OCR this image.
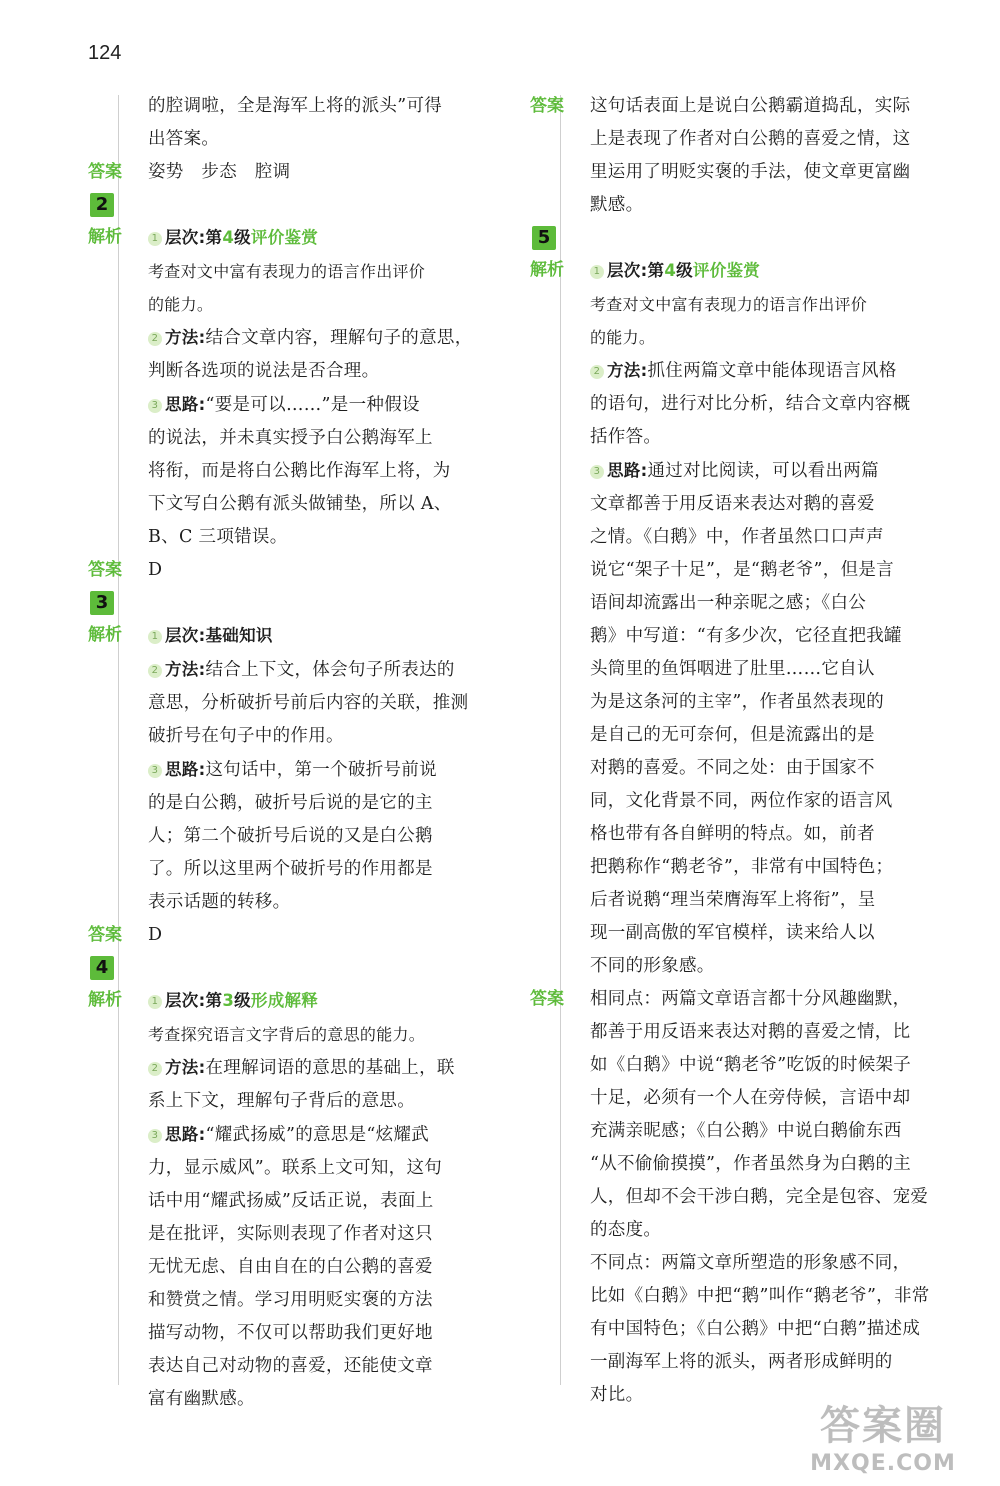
124

的腔调啦，全是海军上将的派头”可得

出答案。

答案	姿势　步态　腔调
2
解析	1 层次:第4级评价鉴赏

考查对文中富有表现力的语言作出评价

的能力。

2 方法:结合文章内容，理解句子的意思，

判断各选项的说法是否合理。

3 思路:“要是可以……”是一种假设

的说法，并未真实授予白公鹅海军上

将衔，而是将白公鹅比作海军上将，为

下文写白公鹅有派头做铺垫，所以 A、

B、C 三项错误。

答案	D
3
解析	1 层次:基础知识

2 方法:结合上下文，体会句子所表达的

意思，分析破折号前后内容的关联，推测

破折号在句子中的作用。

3 思路:这句话中，第一个破折号前说

的是白公鹅，破折号后说的是它的主

人；第二个破折号后说的又是白公鹅

了。所以这里两个破折号的作用都是

表示话题的转移。

答案	D
4
解析	1 层次:第3级形成解释

考查探究语言文字背后的意思的能力。

2 方法:在理解词语的意思的基础上，联

系上下文，理解句子背后的意思。

3 思路:“耀武扬威”的意思是“炫耀武

力，显示威风”。联系上文可知，这句

话中用“耀武扬威”反话正说，表面上

是在批评，实际则表现了作者对这只

无忧无虑、自由自在的白公鹅的喜爱

和赞赏之情。学习用明贬实褒的方法

描写动物，不仅可以帮助我们更好地

表达自己对动物的喜爱，还能使文章

富有幽默感。

答案	这句话表面上是说白公鹅霸道捣乱，实际

上是表现了作者对白公鹅的喜爱之情，这

里运用了明贬实褒的手法，使文章更富幽

默感。

5
解析	1 层次:第4级评价鉴赏

考查对文中富有表现力的语言作出评价

的能力。

2 方法:抓住两篇文章中能体现语言风格

的语句，进行对比分析，结合文章内容概

括作答。

3 思路:通过对比阅读，可以看出两篇

文章都善于用反语来表达对鹅的喜爱

之情。《白鹅》中，作者虽然口口声声

说它“架子十足”，是“鹅老爷”，但是言

语间却流露出一种亲昵之感；《白公

鹅》中写道：“有多少次，它径直把我罐

头筒里的鱼饵咽进了肚里……它自认

为是这条河的主宰”，作者虽然表现的

是自己的无可奈何，但是流露出的是

对鹅的喜爱。不同之处：由于国家不

同，文化背景不同，两位作家的语言风

格也带有各自鲜明的特点。如，前者

把鹅称作“鹅老爷”，非常有中国特色；

后者说鹅“理当荣膺海军上将衔”，呈

现一副高傲的军官模样，读来给人以

不同的形象感。

答案	相同点：两篇文章语言都十分风趣幽默，

都善于用反语来表达对鹅的喜爱之情，比

如《白鹅》中说“鹅老爷”吃饭的时候架子

十足，必须有一个人在旁侍候，言语中却

充满亲昵感；《白公鹅》中说白鹅偷东西

“从不偷偷摸摸”，作者虽然身为白鹅的主

人，但却不会干涉白鹅，完全是包容、宠爱

的态度。

不同点：两篇文章所塑造的形象感不同，

比如《白鹅》中把“鹅”叫作“鹅老爷”，非常

有中国特色；《白公鹅》中把“白鹅”描述成

一副海军上将的派头，两者形成鲜明的

对比。

答案圈
MXQE.COM
